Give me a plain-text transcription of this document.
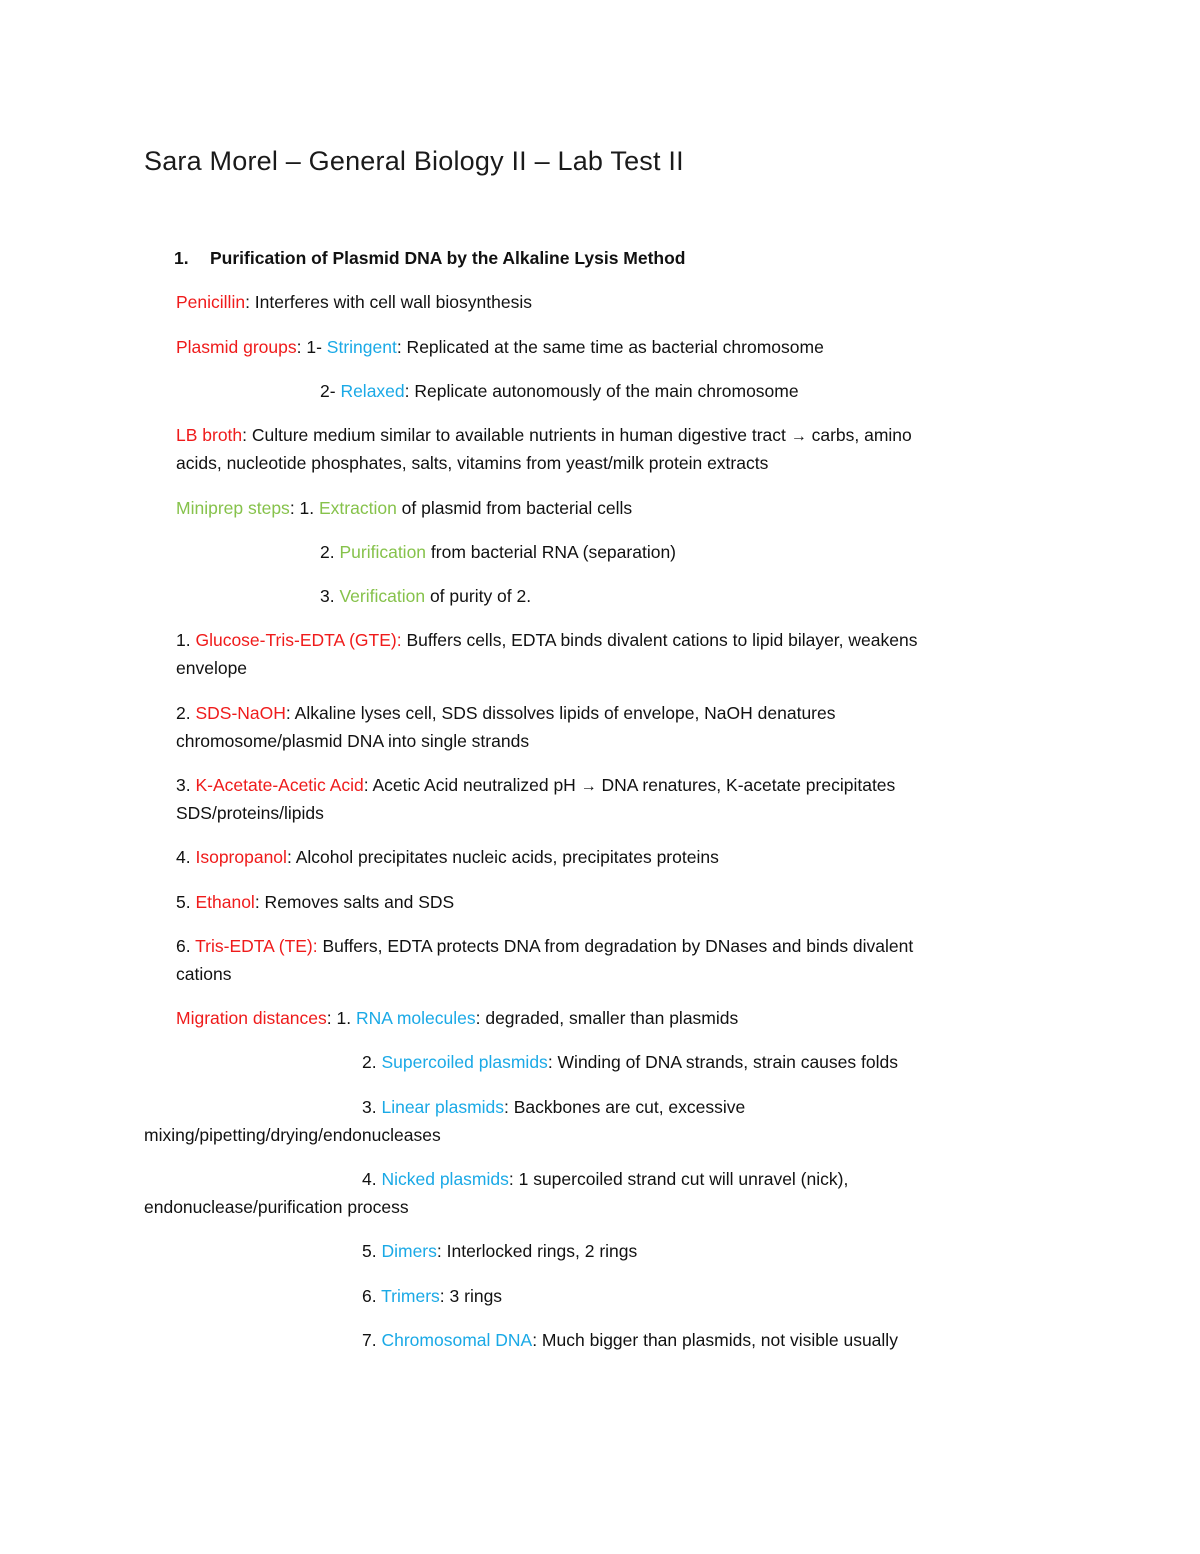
Sara Morel – General Biology II – Lab Test II
1. Purification of Plasmid DNA by the Alkaline Lysis Method
Penicillin: Interferes with cell wall biosynthesis
Plasmid groups: 1- Stringent: Replicated at the same time as bacterial chromosome
2- Relaxed: Replicate autonomously of the main chromosome
LB broth: Culture medium similar to available nutrients in human digestive tract → carbs, amino
acids, nucleotide phosphates, salts, vitamins from yeast/milk protein extracts
Miniprep steps: 1. Extraction of plasmid from bacterial cells
2. Purification from bacterial RNA (separation)
3. Verification of purity of 2.
1. Glucose-Tris-EDTA (GTE): Buffers cells, EDTA binds divalent cations to lipid bilayer, weakens
envelope
2. SDS-NaOH: Alkaline lyses cell, SDS dissolves lipids of envelope, NaOH denatures
chromosome/plasmid DNA into single strands
3. K-Acetate-Acetic Acid: Acetic Acid neutralized pH → DNA renatures, K-acetate precipitates
SDS/proteins/lipids
4. Isopropanol: Alcohol precipitates nucleic acids, precipitates proteins
5. Ethanol: Removes salts and SDS
6. Tris-EDTA (TE): Buffers, EDTA protects DNA from degradation by DNases and binds divalent
cations
Migration distances: 1. RNA molecules: degraded, smaller than plasmids
2. Supercoiled plasmids: Winding of DNA strands, strain causes folds
3. Linear plasmids: Backbones are cut, excessive
mixing/pipetting/drying/endonucleases
4. Nicked plasmids: 1 supercoiled strand cut will unravel (nick),
endonuclease/purification process
5. Dimers: Interlocked rings, 2 rings
6. Trimers: 3 rings
7. Chromosomal DNA: Much bigger than plasmids, not visible usually
